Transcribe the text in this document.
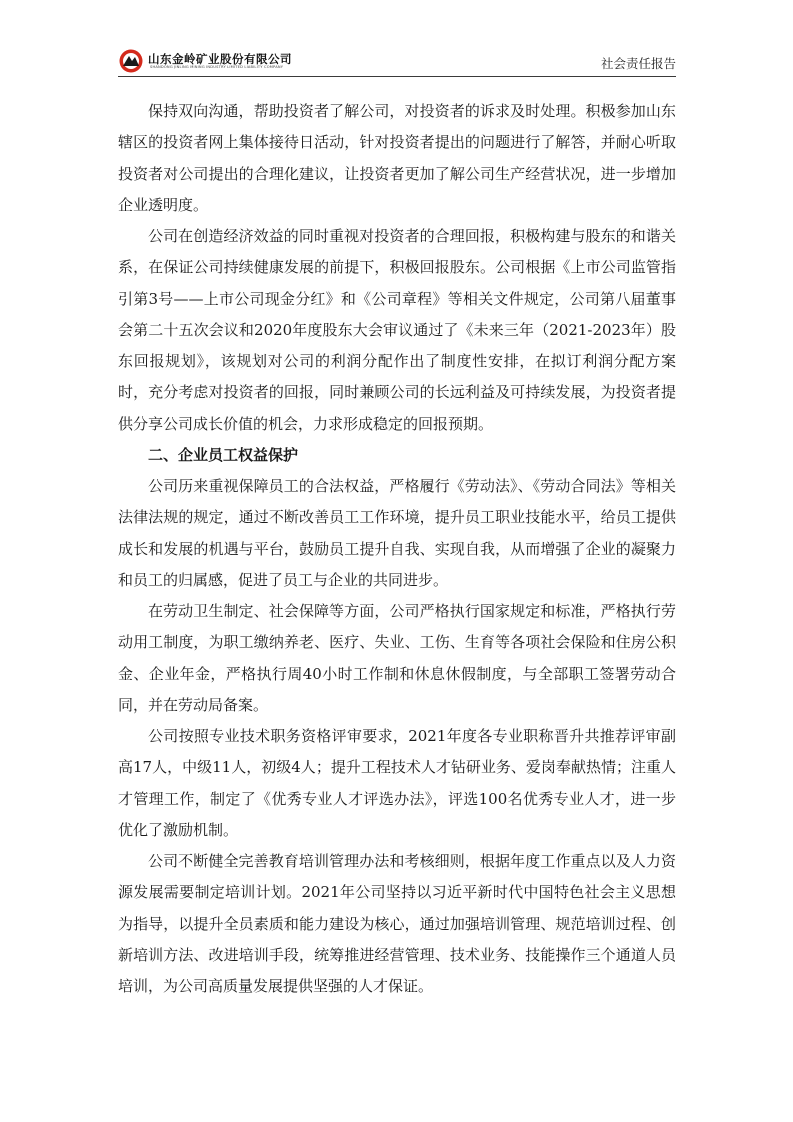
山东金岭矿业股份有限公司
SHANDONG JINLING MINING INDUSTRY LIMITED LIABILITY COMPANY	社会责任报告

保持双向沟通，帮助投资者了解公司，对投资者的诉求及时处理。积极参加山东辖区的投资者网上集体接待日活动，针对投资者提出的问题进行了解答，并耐心听取投资者对公司提出的合理化建议，让投资者更加了解公司生产经营状况，进一步增加企业透明度。

公司在创造经济效益的同时重视对投资者的合理回报，积极构建与股东的和谐关系，在保证公司持续健康发展的前提下，积极回报股东。公司根据《上市公司监管指引第3号——上市公司现金分红》和《公司章程》等相关文件规定，公司第八届董事会第二十五次会议和2020年度股东大会审议通过了《未来三年（2021-2023年）股东回报规划》，该规划对公司的利润分配作出了制度性安排，在拟订利润分配方案时，充分考虑对投资者的回报，同时兼顾公司的长远利益及可持续发展，为投资者提供分享公司成长价值的机会，力求形成稳定的回报预期。

二、企业员工权益保护

公司历来重视保障员工的合法权益，严格履行《劳动法》、《劳动合同法》等相关法律法规的规定，通过不断改善员工工作环境，提升员工职业技能水平，给员工提供成长和发展的机遇与平台，鼓励员工提升自我、实现自我，从而增强了企业的凝聚力和员工的归属感，促进了员工与企业的共同进步。

在劳动卫生制定、社会保障等方面，公司严格执行国家规定和标准，严格执行劳动用工制度，为职工缴纳养老、医疗、失业、工伤、生育等各项社会保险和住房公积金、企业年金，严格执行周40小时工作制和休息休假制度，与全部职工签署劳动合同，并在劳动局备案。

公司按照专业技术职务资格评审要求，2021年度各专业职称晋升共推荐评审副高17人，中级11人，初级4人；提升工程技术人才钻研业务、爱岗奉献热情；注重人才管理工作，制定了《优秀专业人才评选办法》，评选100名优秀专业人才，进一步优化了激励机制。

公司不断健全完善教育培训管理办法和考核细则，根据年度工作重点以及人力资源发展需要制定培训计划。2021年公司坚持以习近平新时代中国特色社会主义思想为指导，以提升全员素质和能力建设为核心，通过加强培训管理、规范培训过程、创新培训方法、改进培训手段，统筹推进经营管理、技术业务、技能操作三个通道人员培训，为公司高质量发展提供坚强的人才保证。
